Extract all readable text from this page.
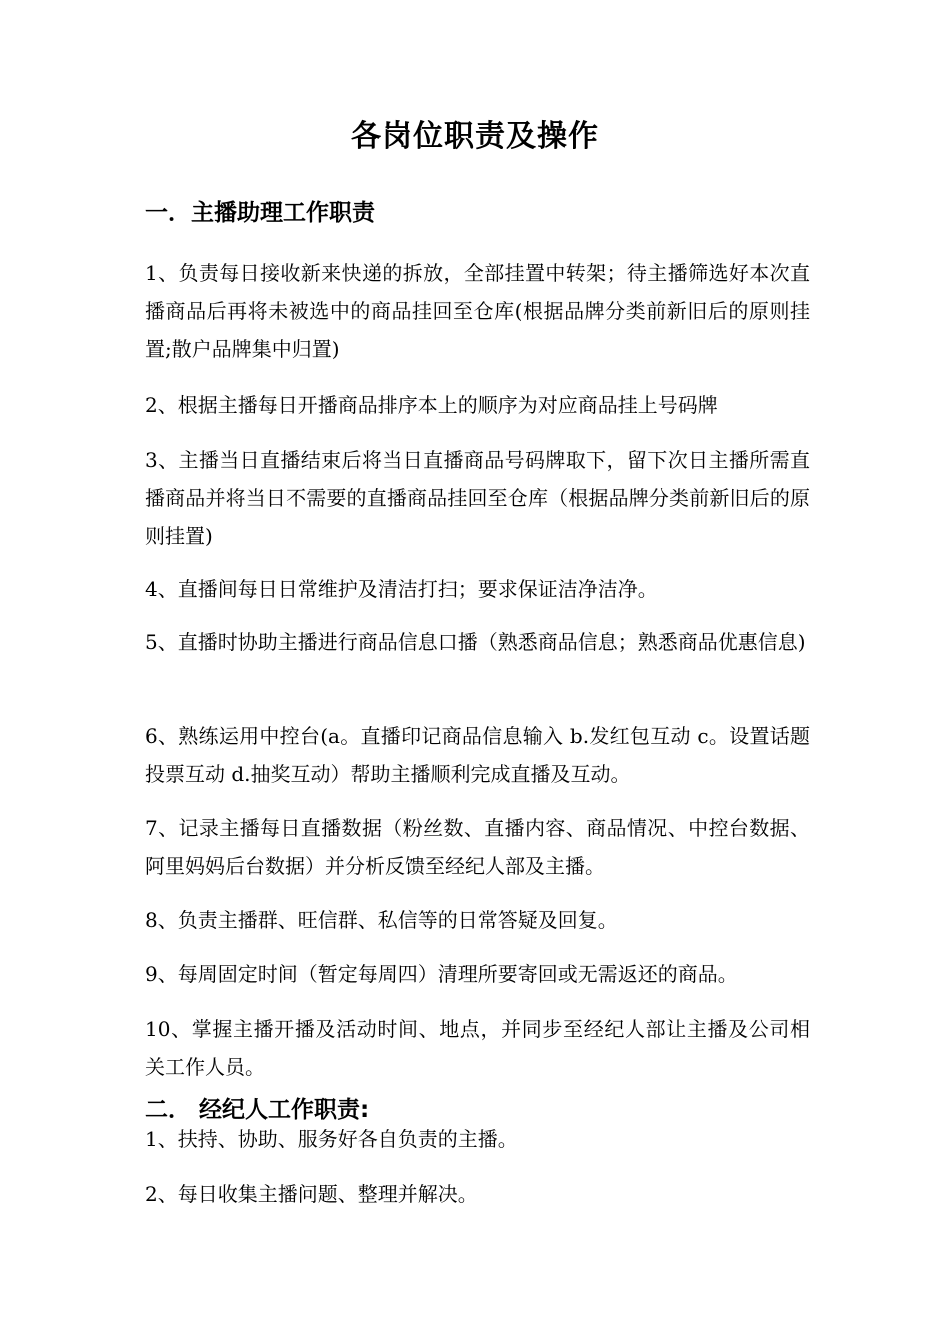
各岗位职责及操作
一．主播助理工作职责

1、负责每日接收新来快递的拆放，全部挂置中转架；待主播筛选好本次直播商品后再将未被选中的商品挂回至仓库(根据品牌分类前新旧后的原则挂置;散户品牌集中归置)

2、根据主播每日开播商品排序本上的顺序为对应商品挂上号码牌

3、主播当日直播结束后将当日直播商品号码牌取下，留下次日主播所需直播商品并将当日不需要的直播商品挂回至仓库（根据品牌分类前新旧后的原则挂置)

4、直播间每日日常维护及清洁打扫；要求保证洁净洁净。

5、直播时协助主播进行商品信息口播（熟悉商品信息；熟悉商品优惠信息)

6、熟练运用中控台(a。直播印记商品信息输入 b.发红包互动 c。设置话题投票互动 d.抽奖互动）帮助主播顺利完成直播及互动。

7、记录主播每日直播数据（粉丝数、直播内容、商品情况、中控台数据、阿里妈妈后台数据）并分析反馈至经纪人部及主播。

8、负责主播群、旺信群、私信等的日常答疑及回复。

9、每周固定时间（暂定每周四）清理所要寄回或无需返还的商品。

10、掌握主播开播及活动时间、地点，并同步至经纪人部让主播及公司相关工作人员。

二． 经纪人工作职责:

1、扶持、协助、服务好各自负责的主播。

2、每日收集主播问题、整理并解决。
